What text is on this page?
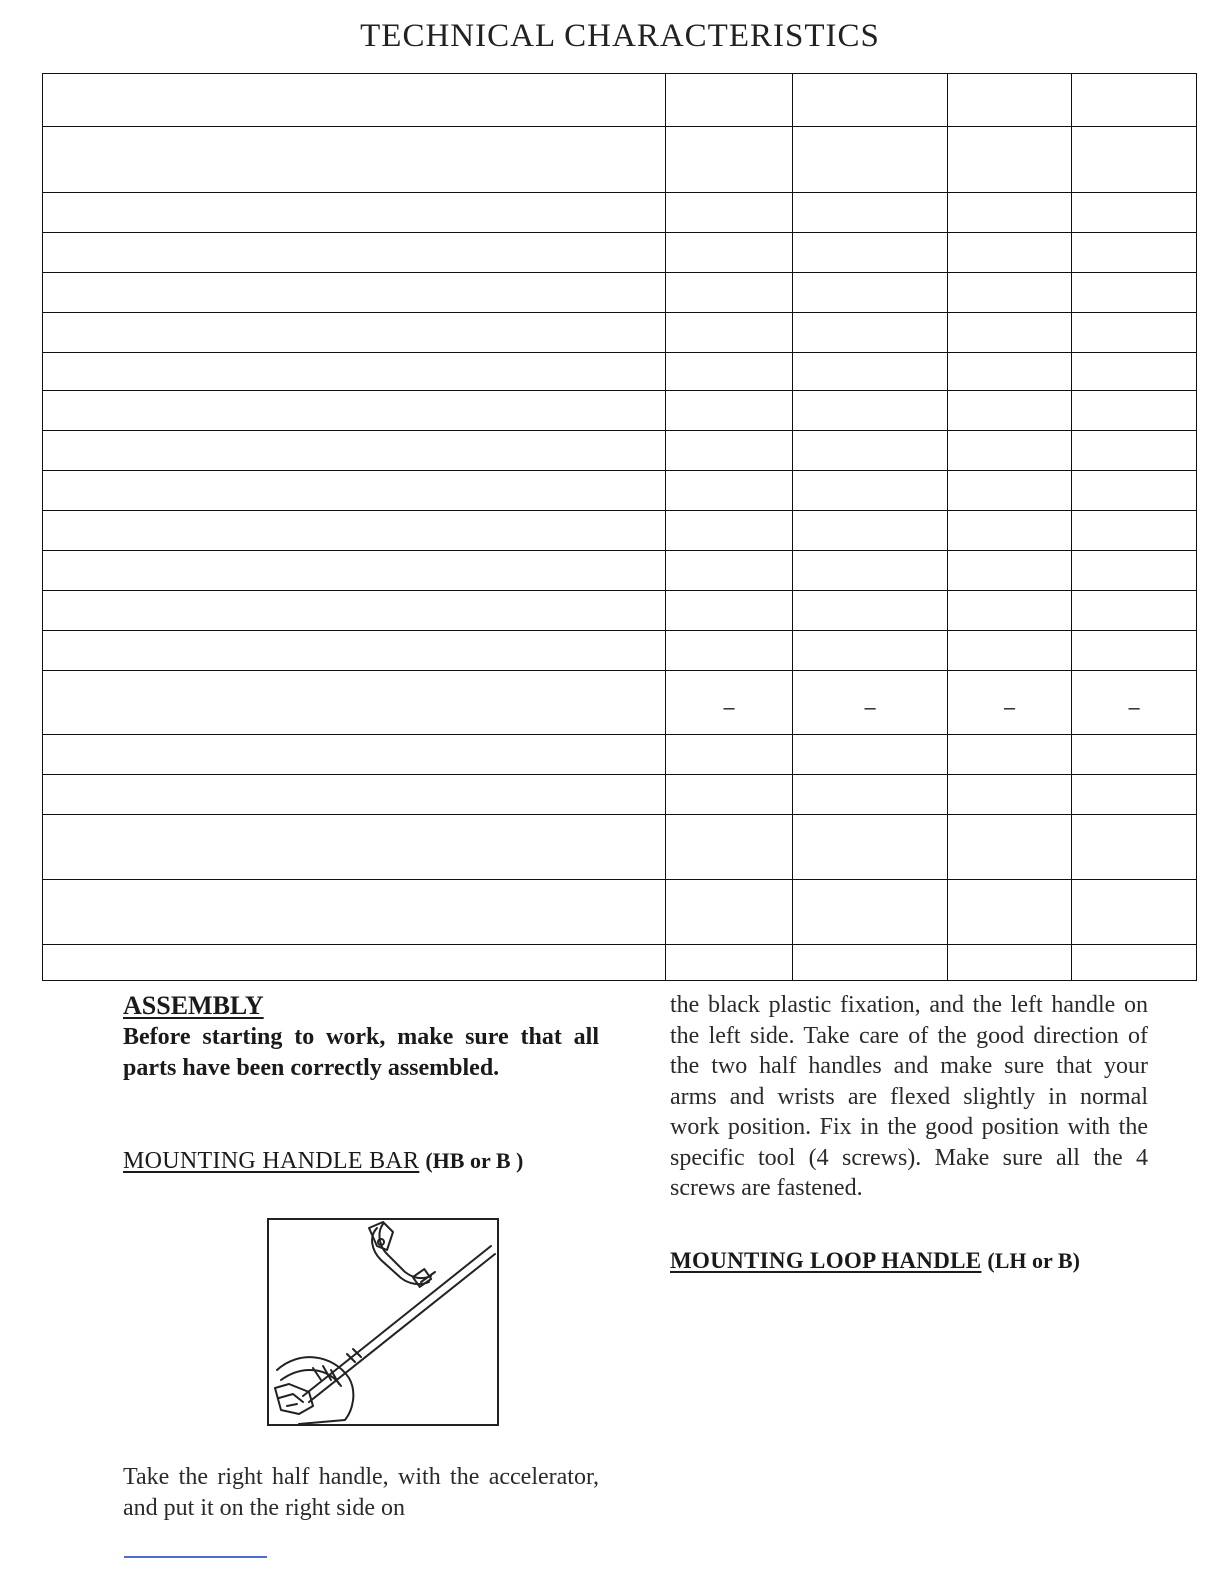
TECHNICAL CHARACTERISTICS

	–	–	–	–

ASSEMBLY
Before starting to work, make sure that all parts have been correctly assembled.
MOUNTING HANDLE BAR (HB or B )
Take the right half handle, with the accelerator, and put it on the right side on
the black plastic fixation, and the left handle on the left side. Take care of the good direction of the two half handles and make sure that your arms and wrists are flexed slightly in normal work position. Fix in the good position with the specific tool (4 screws). Make sure all the 4 screws are fastened.
MOUNTING LOOP HANDLE (LH or B)
